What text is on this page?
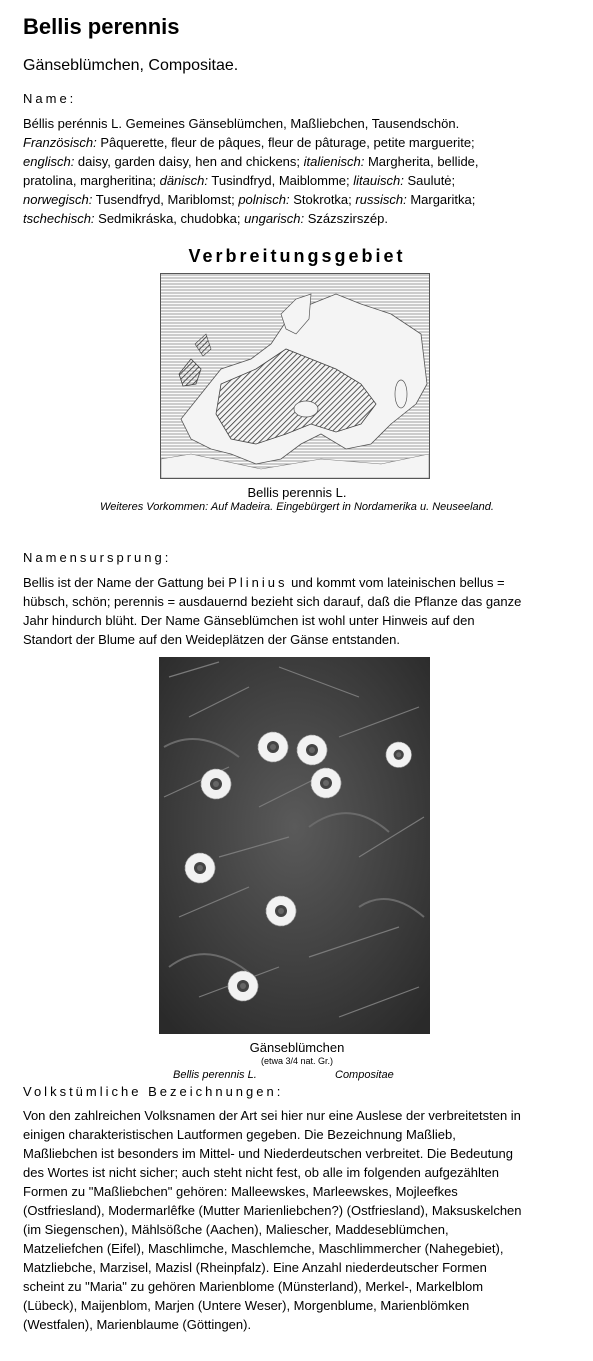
Bellis perennis
Gänseblümchen, Compositae.
Name:
Béllis perénnis L. Gemeines Gänseblümchen, Maßliebchen, Tausendschön.
Französisch: Pâquerette, fleur de pâques, fleur de pâturage, petite marguerite;
englisch: daisy, garden daisy, hen and chickens; italienisch: Margherita, bellide,
pratolina, margheritina; dänisch: Tusindfryd, Maiblomme; litauisch: Saulutė;
norwegisch: Tusendfryd, Mariblomst; polnisch: Stokrotka; russisch: Margaritka;
tschechisch: Sedmikráska, chudobka; ungarisch: Százszirszép.
Verbreitungsgebiet
Bellis perennis L.
Weiteres Vorkommen: Auf Madeira. Eingebürgert in Nordamerika u. Neuseeland.
Namensursprung:
Bellis ist der Name der Gattung bei Plinius und kommt vom lateinischen bellus =
hübsch, schön; perennis = ausdauernd bezieht sich darauf, daß die Pflanze das ganze
Jahr hindurch blüht. Der Name Gänseblümchen ist wohl unter Hinweis auf den
Standort der Blume auf den Weideplätzen der Gänse entstanden.
Gänseblümchen
(etwa 3/4 nat. Gr.)
Bellis perennis L.	Compositae
Volkstümliche Bezeichnungen:
Von den zahlreichen Volksnamen der Art sei hier nur eine Auslese der verbreitetsten in
einigen charakteristischen Lautformen gegeben. Die Bezeichnung Maßlieb,
Maßliebchen ist besonders im Mittel- und Niederdeutschen verbreitet. Die Bedeutung
des Wortes ist nicht sicher; auch steht nicht fest, ob alle im folgenden aufgezählten
Formen zu "Maßliebchen" gehören: Malleewskes, Marleewskes, Mojleefkes
(Ostfriesland), Modermarlêfke (Mutter Marienliebchen?) (Ostfriesland), Maksuskelchen
(im Siegenschen), Mählsößche (Aachen), Maliescher, Maddeseblümchen,
Matzeliefchen (Eifel), Maschlimche, Maschlemche, Maschlimmercher (Nahegebiet),
Matzliebche, Marzisel, Mazisl (Rheinpfalz). Eine Anzahl niederdeutscher Formen
scheint zu "Maria" zu gehören Marienblome (Münsterland), Merkel-, Markelblom
(Lübeck), Maijenblom, Marjen (Untere Weser), Morgenblume, Marienblömken
(Westfalen), Marienblaume (Göttingen).
